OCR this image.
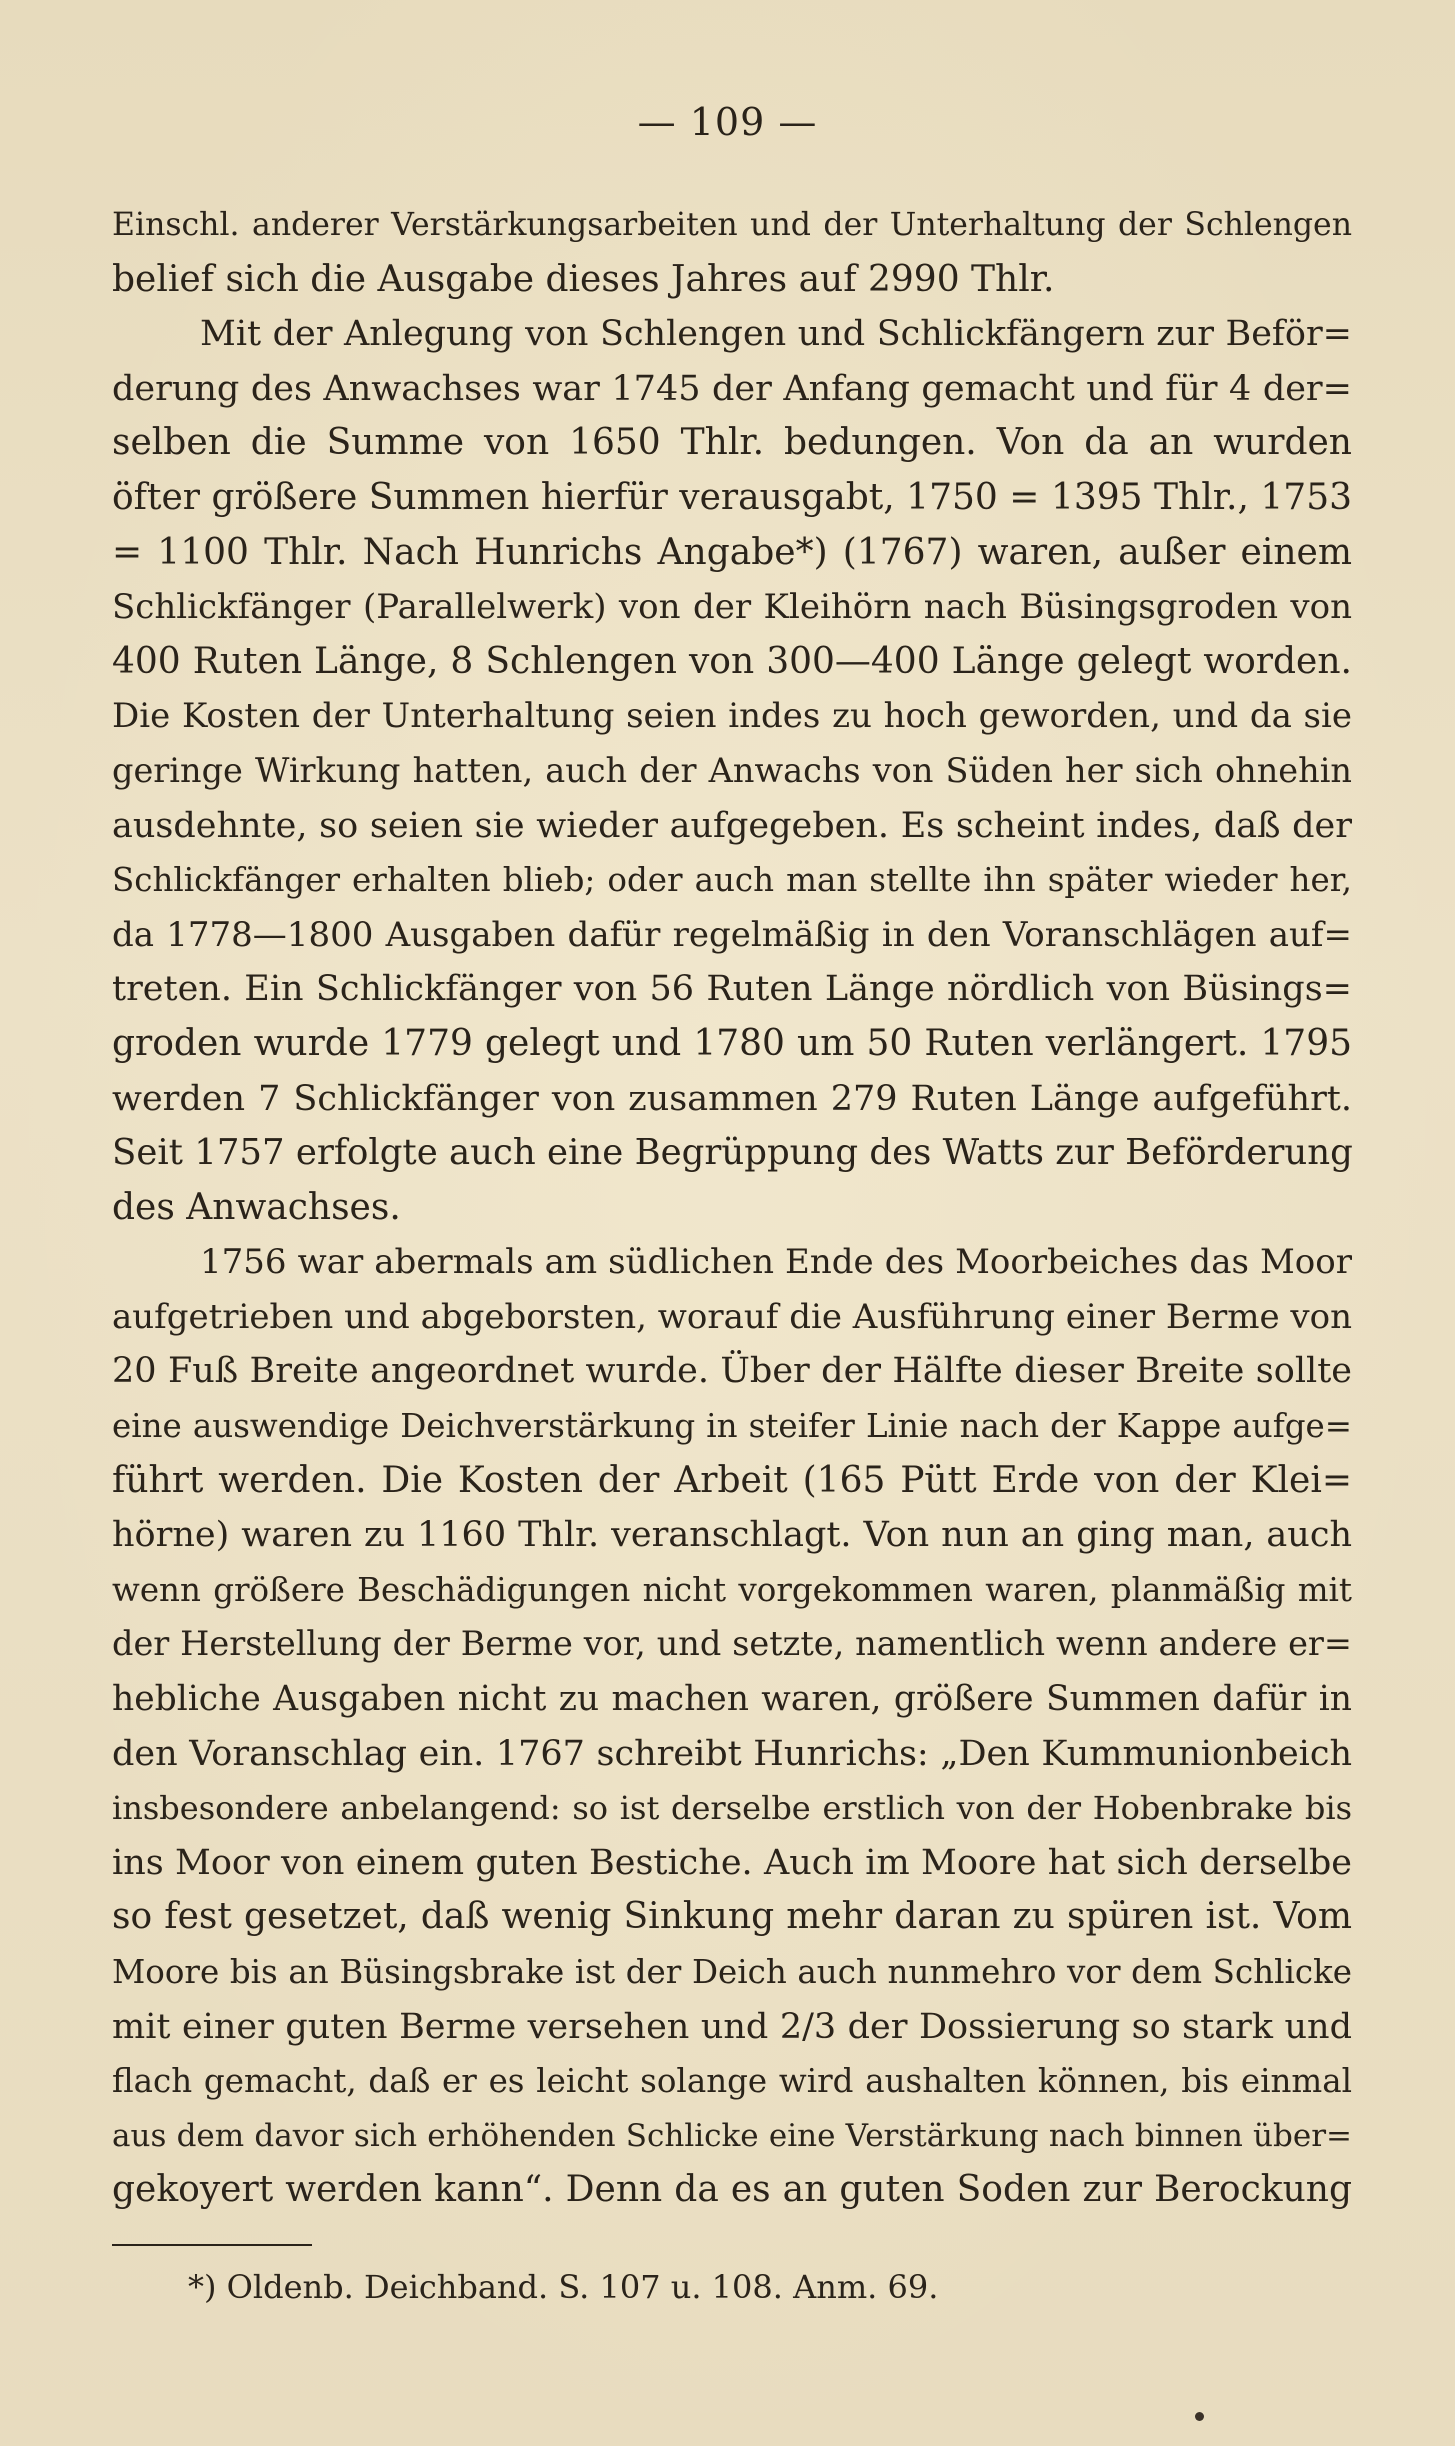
— 109 —
Einschl. anderer Verstärkungsarbeiten und der Unterhaltung der Schlengen
belief sich die Ausgabe dieses Jahres auf 2990 Thlr.
Mit der Anlegung von Schlengen und Schlickfängern zur Beför=
derung des Anwachses war 1745 der Anfang gemacht und für 4 der=
selben die Summe von 1650 Thlr. bedungen. Von da an wurden
öfter größere Summen hierfür verausgabt, 1750 = 1395 Thlr., 1753
= 1100 Thlr. Nach Hunrichs Angabe*) (1767) waren, außer einem
Schlickfänger (Parallelwerk) von der Kleihörn nach Büsingsgroden von
400 Ruten Länge, 8 Schlengen von 300—400 Länge gelegt worden.
Die Kosten der Unterhaltung seien indes zu hoch geworden, und da sie
geringe Wirkung hatten, auch der Anwachs von Süden her sich ohnehin
ausdehnte, so seien sie wieder aufgegeben. Es scheint indes, daß der
Schlickfänger erhalten blieb; oder auch man stellte ihn später wieder her,
da 1778—1800 Ausgaben dafür regelmäßig in den Voranschlägen auf=
treten. Ein Schlickfänger von 56 Ruten Länge nördlich von Büsings=
groden wurde 1779 gelegt und 1780 um 50 Ruten verlängert. 1795
werden 7 Schlickfänger von zusammen 279 Ruten Länge aufgeführt.
Seit 1757 erfolgte auch eine Begrüppung des Watts zur Beförderung
des Anwachses.
1756 war abermals am südlichen Ende des Moorbeiches das Moor
aufgetrieben und abgeborsten, worauf die Ausführung einer Berme von
20 Fuß Breite angeordnet wurde. Über der Hälfte dieser Breite sollte
eine auswendige Deichverstärkung in steifer Linie nach der Kappe aufge=
führt werden. Die Kosten der Arbeit (165 Pütt Erde von der Klei=
hörne) waren zu 1160 Thlr. veranschlagt. Von nun an ging man, auch
wenn größere Beschädigungen nicht vorgekommen waren, planmäßig mit
der Herstellung der Berme vor, und setzte, namentlich wenn andere er=
hebliche Ausgaben nicht zu machen waren, größere Summen dafür in
den Voranschlag ein. 1767 schreibt Hunrichs: „Den Kummunionbeich
insbesondere anbelangend: so ist derselbe erstlich von der Hobenbrake bis
ins Moor von einem guten Bestiche. Auch im Moore hat sich derselbe
so fest gesetzet, daß wenig Sinkung mehr daran zu spüren ist. Vom
Moore bis an Büsingsbrake ist der Deich auch nunmehro vor dem Schlicke
mit einer guten Berme versehen und 2/3 der Dossierung so stark und
flach gemacht, daß er es leicht solange wird aushalten können, bis einmal
aus dem davor sich erhöhenden Schlicke eine Verstärkung nach binnen über=
gekoyert werden kann“. Denn da es an guten Soden zur Berockung
*) Oldenb. Deichband. S. 107 u. 108. Anm. 69.
